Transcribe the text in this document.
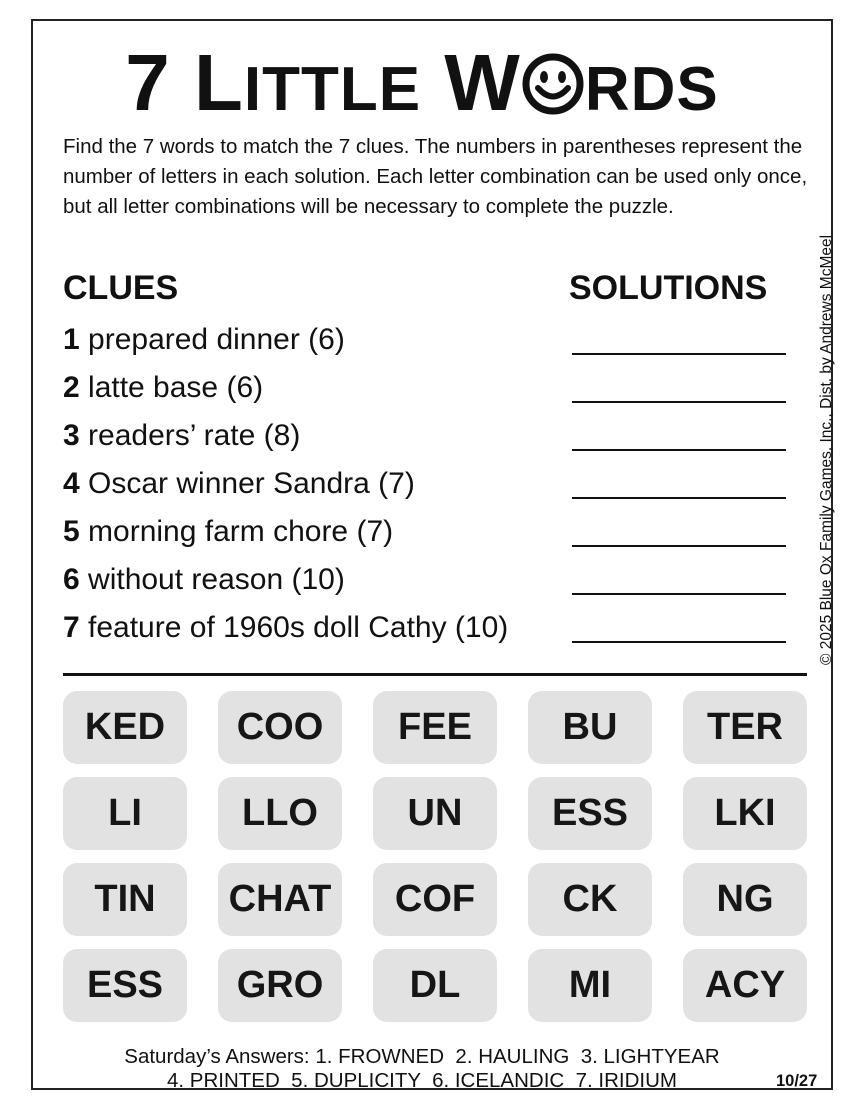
7 LITTLE W RDS
Find the 7 words to match the 7 clues. The numbers in parentheses represent the number of letters in each solution. Each letter combination can be used only once, but all letter combinations will be necessary to complete the puzzle.
CLUES	SOLUTIONS
1 prepared dinner (6)
2 latte base (6)
3 readers’ rate (8)
4 Oscar winner Sandra (7)
5 morning farm chore (7)
6 without reason (10)
7 feature of 1960s doll Cathy (10)
KED	COO	FEE	BU	TER
LI	LLO	UN	ESS	LKI
TIN	CHAT	COF	CK	NG
ESS	GRO	DL	MI	ACY
© 2025 Blue Ox Family Games, Inc., Dist. by Andrews McMeel
Saturday’s Answers: 1. FROWNED  2. HAULING  3. LIGHTYEAR
4. PRINTED  5. DUPLICITY  6. ICELANDIC  7. IRIDIUM	10/27
